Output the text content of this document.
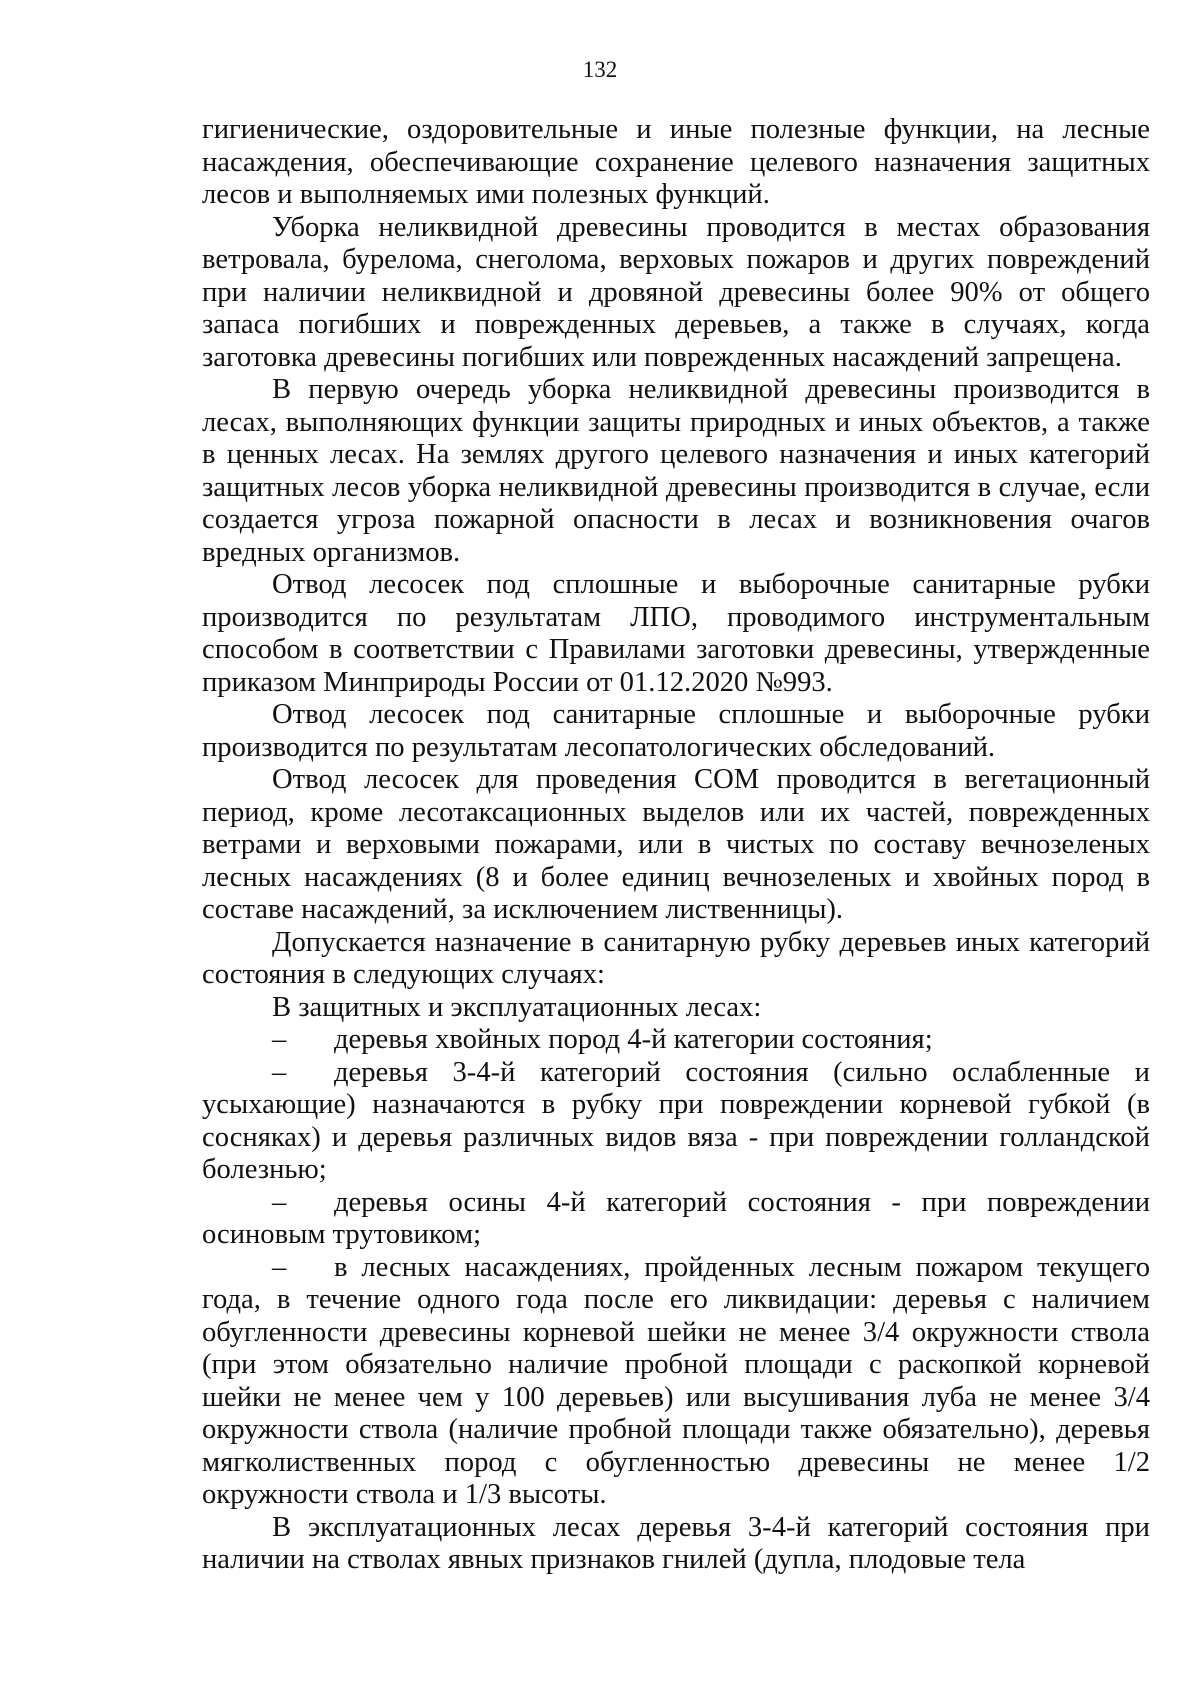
132

гигиенические, оздоровительные и иные полезные функции, на лесные насаждения, обеспечивающие сохранение целевого назначения защитных лесов и выполняемых ими полезных функций.

Уборка неликвидной древесины проводится в местах образования ветровала, бурелома, снеголома, верховых пожаров и других повреждений при наличии неликвидной и дровяной древесины более 90% от общего запаса погибших и поврежденных деревьев, а также в случаях, когда заготовка древесины погибших или поврежденных насаждений запрещена.

В первую очередь уборка неликвидной древесины производится в лесах, выполняющих функции защиты природных и иных объектов, а также в ценных лесах. На землях другого целевого назначения и иных категорий защитных лесов уборка неликвидной древесины производится в случае, если создается угроза пожарной опасности в лесах и возникновения очагов вредных организмов.

Отвод лесосек под сплошные и выборочные санитарные рубки производится по результатам ЛПО, проводимого инструментальным способом в соответствии с Правилами заготовки древесины, утвержденные приказом Минприроды России от 01.12.2020 №993.

Отвод лесосек под санитарные сплошные и выборочные рубки производится по результатам лесопатологических обследований.

Отвод лесосек для проведения СОМ проводится в вегетационный период, кроме лесотаксационных выделов или их частей, поврежденных ветрами и верховыми пожарами, или в чистых по составу вечнозеленых лесных насаждениях (8 и более единиц вечнозеленых и хвойных пород в составе насаждений, за исключением лиственницы).

Допускается назначение в санитарную рубку деревьев иных категорий состояния в следующих случаях:

В защитных и эксплуатационных лесах:

– деревья хвойных пород 4-й категории состояния;

– деревья 3-4-й категорий состояния (сильно ослабленные и усыхающие) назначаются в рубку при повреждении корневой губкой (в сосняках) и деревья различных видов вяза - при повреждении голландской болезнью;

– деревья осины 4-й категорий состояния - при повреждении осиновым трутовиком;

– в лесных насаждениях, пройденных лесным пожаром текущего года, в течение одного года после его ликвидации: деревья с наличием обугленности древесины корневой шейки не менее 3/4 окружности ствола (при этом обязательно наличие пробной площади с раскопкой корневой шейки не менее чем у 100 деревьев) или высушивания луба не менее 3/4 окружности ствола (наличие пробной площади также обязательно), деревья мягколиственных пород с обугленностью древесины не менее 1/2 окружности ствола и 1/3 высоты.

В эксплуатационных лесах деревья 3-4-й категорий состояния при наличии на стволах явных признаков гнилей (дупла, плодовые тела
